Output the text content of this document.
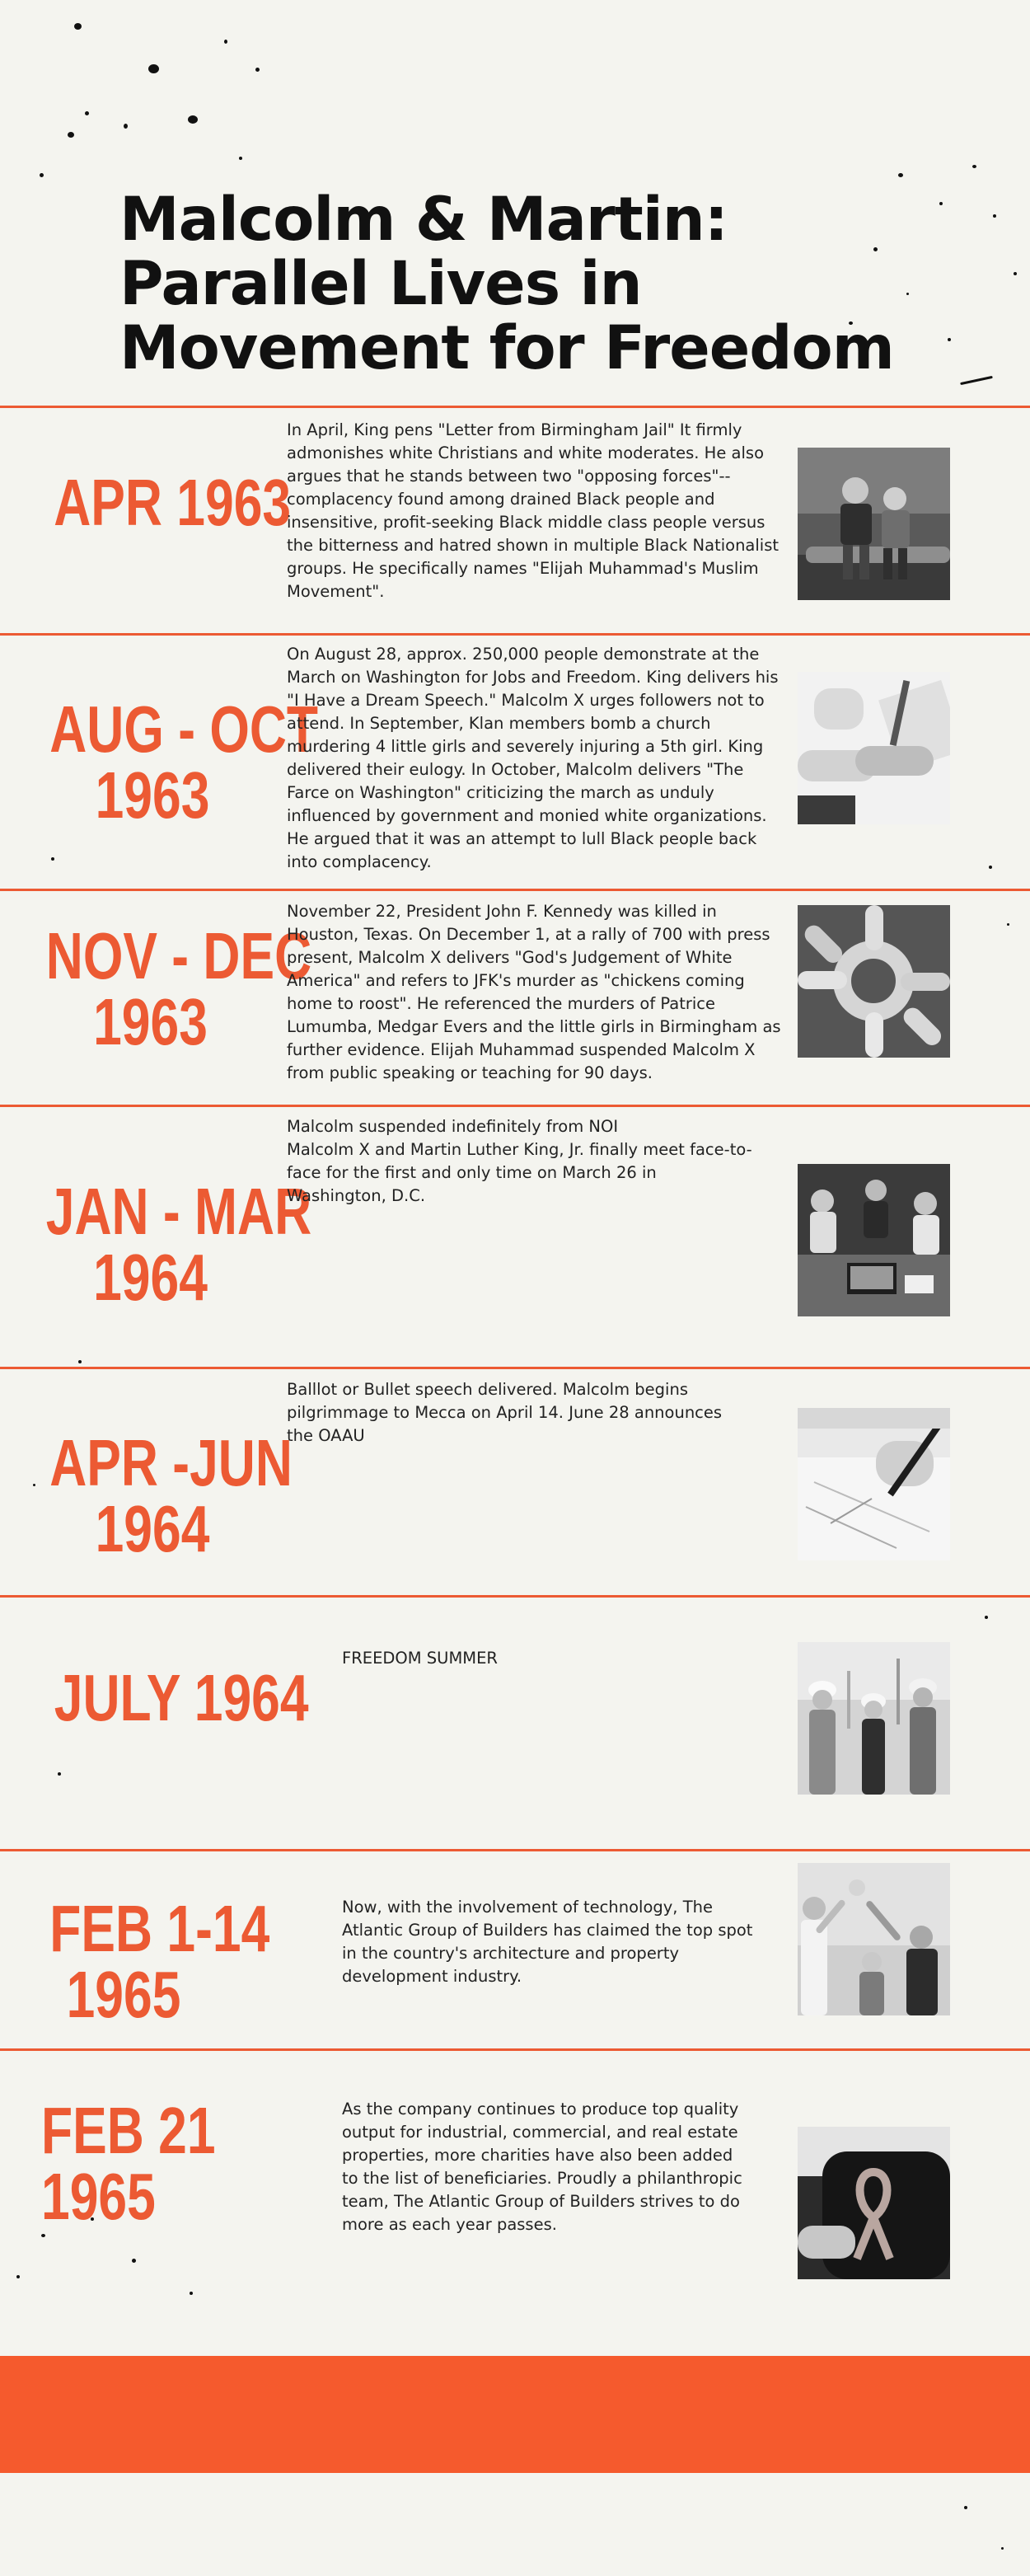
Malcolm & Martin:
Parallel Lives in
Movement for Freedom
APR 1963

In April, King pens "Letter from Birmingham Jail" It firmly admonishes white Christians and white moderates. He also argues that he stands between two "opposing forces"--complacency found among drained Black people and insensitive, profit-seeking Black middle class people versus the bitterness and hatred shown in multiple Black Nationalist groups. He specifically names "Elijah Muhammad's Muslim Movement".

AUG - OCT
1963

On August 28, approx. 250,000 people demonstrate at the March on Washington for Jobs and Freedom. King delivers his "I Have a Dream Speech." Malcolm X urges followers not to attend. In September, Klan members bomb a church murdering 4 little girls and severely injuring a 5th girl. King delivered their eulogy. In October, Malcolm delivers "The Farce on Washington" criticizing the march as unduly influenced by government and monied white organizations. He argued that it was an attempt to lull Black people back into complacency.

NOV - DEC
1963

November 22, President John F. Kennedy was killed in Houston, Texas. On December 1, at a rally of 700 with press present, Malcolm X delivers "God's Judgement of White America" and refers to JFK's murder as "chickens coming home to roost". He referenced the murders of Patrice Lumumba, Medgar Evers and the little girls in Birmingham as further evidence. Elijah Muhammad suspended Malcolm X from public speaking or teaching for 90 days.

JAN - MAR
1964
Malcolm suspended indefinitely from NOI
Malcolm X and Martin Luther King, Jr. finally meet face-to-face for the first and only time on March 26 in Washington, D.C.
APR -JUN
1964

Balllot or Bullet speech delivered. Malcolm begins pilgrimmage to Mecca on April 14. June 28 announces the OAAU

JULY 1964

FREEDOM SUMMER

FEB 1-14
1965

Now, with the involvement of technology, The Atlantic Group of Builders has claimed the top spot in the country's architecture and property development industry.

FEB 21
1965

As the company continues to produce top quality output for industrial, commercial, and real estate properties, more charities have also been added to the list of beneficiaries. Proudly a philanthropic team, The Atlantic Group of Builders strives to do more as each year passes.
